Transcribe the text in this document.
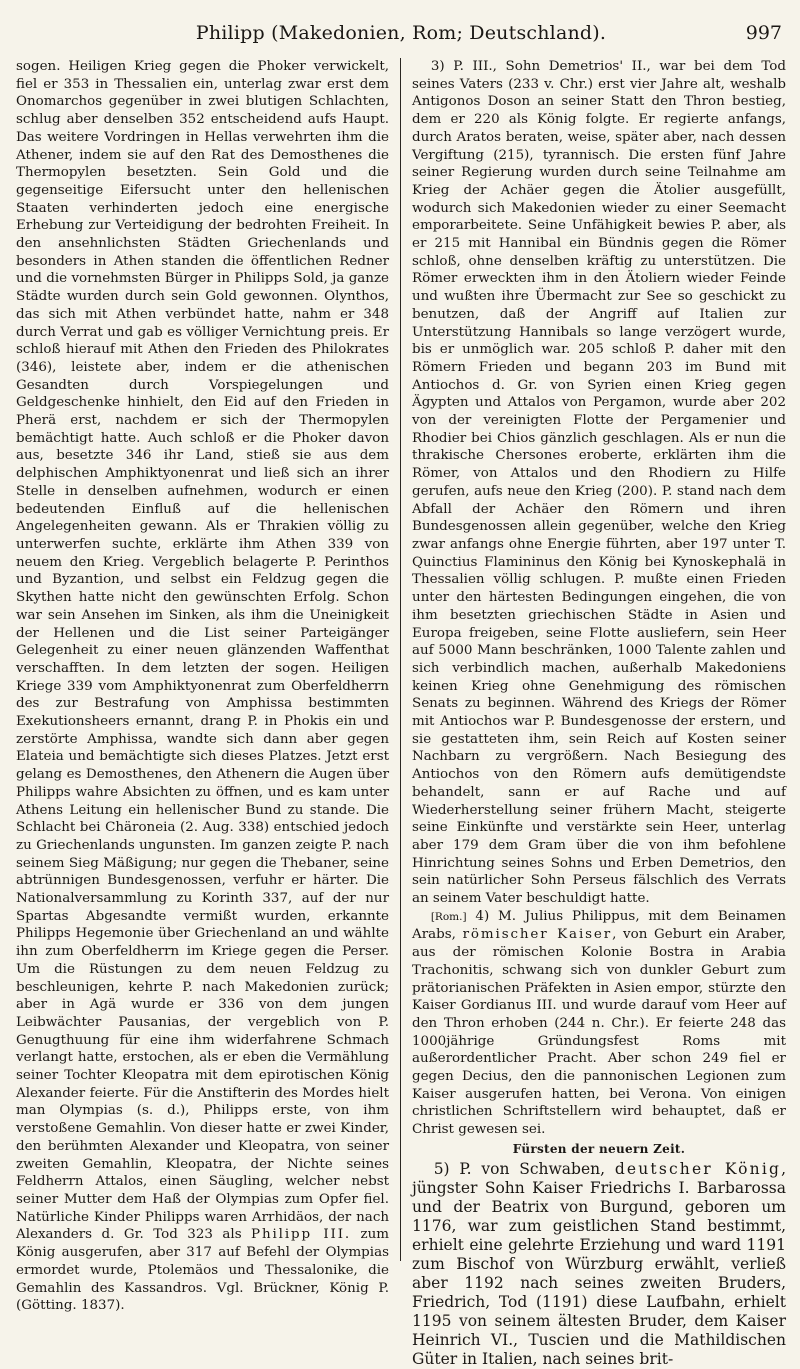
Philipp (Makedonien, Rom; Deutschland).	997

sogen. Heiligen Krieg gegen die Phoker verwickelt, fiel er 353 in Thessalien ein, unterlag zwar erst dem Onomarchos gegenüber in zwei blutigen Schlachten, schlug aber denselben 352 entscheidend aufs Haupt. Das weitere Vordringen in Hellas verwehrten ihm die Athener, indem sie auf den Rat des Demosthenes die Thermopylen besetzten. Sein Gold und die gegenseitige Eifersucht unter den hellenischen Staaten verhinderten jedoch eine energische Erhebung zur Verteidigung der bedrohten Freiheit. In den ansehnlichsten Städten Griechenlands und besonders in Athen standen die öffentlichen Redner und die vornehmsten Bürger in Philipps Sold, ja ganze Städte wurden durch sein Gold gewonnen. Olynthos, das sich mit Athen verbündet hatte, nahm er 348 durch Verrat und gab es völliger Vernichtung preis. Er schloß hierauf mit Athen den Frieden des Philokrates (346), leistete aber, indem er die athenischen Gesandten durch Vorspiegelungen und Geldgeschenke hinhielt, den Eid auf den Frieden in Pherä erst, nachdem er sich der Thermopylen bemächtigt hatte. Auch schloß er die Phoker davon aus, besetzte 346 ihr Land, stieß sie aus dem delphischen Amphiktyonenrat und ließ sich an ihrer Stelle in denselben aufnehmen, wodurch er einen bedeutenden Einfluß auf die hellenischen Angelegenheiten gewann. Als er Thrakien völlig zu unterwerfen suchte, erklärte ihm Athen 339 von neuem den Krieg. Vergeblich belagerte P. Perinthos und Byzantion, und selbst ein Feldzug gegen die Skythen hatte nicht den gewünschten Erfolg. Schon war sein Ansehen im Sinken, als ihm die Uneinigkeit der Hellenen und die List seiner Parteigänger Gelegenheit zu einer neuen glänzenden Waffenthat verschafften. In dem letzten der sogen. Heiligen Kriege 339 vom Amphiktyonenrat zum Oberfeldherrn des zur Bestrafung von Amphissa bestimmten Exekutionsheers ernannt, drang P. in Phokis ein und zerstörte Amphissa, wandte sich dann aber gegen Elateia und bemächtigte sich dieses Platzes. Jetzt erst gelang es Demosthenes, den Athenern die Augen über Philipps wahre Absichten zu öffnen, und es kam unter Athens Leitung ein hellenischer Bund zu stande. Die Schlacht bei Chäroneia (2. Aug. 338) entschied jedoch zu Griechenlands ungunsten. Im ganzen zeigte P. nach seinem Sieg Mäßigung; nur gegen die Thebaner, seine abtrünnigen Bundesgenossen, verfuhr er härter. Die Nationalversammlung zu Korinth 337, auf der nur Spartas Abgesandte vermißt wurden, erkannte Philipps Hegemonie über Griechenland an und wählte ihn zum Oberfeldherrn im Kriege gegen die Perser. Um die Rüstungen zu dem neuen Feldzug zu beschleunigen, kehrte P. nach Makedonien zurück; aber in Agä wurde er 336 von dem jungen Leibwächter Pausanias, der vergeblich von P. Genugthuung für eine ihm widerfahrene Schmach verlangt hatte, erstochen, als er eben die Vermählung seiner Tochter Kleopatra mit dem epirotischen König Alexander feierte. Für die Anstifterin des Mordes hielt man Olympias (s. d.), Philipps erste, von ihm verstoßene Gemahlin. Von dieser hatte er zwei Kinder, den berühmten Alexander und Kleopatra, von seiner zweiten Gemahlin, Kleopatra, der Nichte seines Feldherrn Attalos, einen Säugling, welcher nebst seiner Mutter dem Haß der Olympias zum Opfer fiel. Natürliche Kinder Philipps waren Arrhidäos, der nach Alexanders d. Gr. Tod 323 als Philipp III. zum König ausgerufen, aber 317 auf Befehl der Olympias ermordet wurde, Ptolemäos und Thessalonike, die Gemahlin des Kassandros. Vgl. Brückner, König P. (Götting. 1837).

3) P. III., Sohn Demetrios' II., war bei dem Tod seines Vaters (233 v. Chr.) erst vier Jahre alt, weshalb Antigonos Doson an seiner Statt den Thron bestieg, dem er 220 als König folgte. Er regierte anfangs, durch Aratos beraten, weise, später aber, nach dessen Vergiftung (215), tyrannisch. Die ersten fünf Jahre seiner Regierung wurden durch seine Teilnahme am Krieg der Achäer gegen die Ätolier ausgefüllt, wodurch sich Makedonien wieder zu einer Seemacht emporarbeitete. Seine Unfähigkeit bewies P. aber, als er 215 mit Hannibal ein Bündnis gegen die Römer schloß, ohne denselben kräftig zu unterstützen. Die Römer erweckten ihm in den Ätoliern wieder Feinde und wußten ihre Übermacht zur See so geschickt zu benutzen, daß der Angriff auf Italien zur Unterstützung Hannibals so lange verzögert wurde, bis er unmöglich war. 205 schloß P. daher mit den Römern Frieden und begann 203 im Bund mit Antiochos d. Gr. von Syrien einen Krieg gegen Ägypten und Attalos von Pergamon, wurde aber 202 von der vereinigten Flotte der Pergamenier und Rhodier bei Chios gänzlich geschlagen. Als er nun die thrakische Chersones eroberte, erklärten ihm die Römer, von Attalos und den Rhodiern zu Hilfe gerufen, aufs neue den Krieg (200). P. stand nach dem Abfall der Achäer den Römern und ihren Bundesgenossen allein gegenüber, welche den Krieg zwar anfangs ohne Energie führten, aber 197 unter T. Quinctius Flamininus den König bei Kynoskephalä in Thessalien völlig schlugen. P. mußte einen Frieden unter den härtesten Bedingungen eingehen, die von ihm besetzten griechischen Städte in Asien und Europa freigeben, seine Flotte ausliefern, sein Heer auf 5000 Mann beschränken, 1000 Talente zahlen und sich verbindlich machen, außerhalb Makedoniens keinen Krieg ohne Genehmigung des römischen Senats zu beginnen. Während des Kriegs der Römer mit Antiochos war P. Bundesgenosse der erstern, und sie gestatteten ihm, sein Reich auf Kosten seiner Nachbarn zu vergrößern. Nach Besiegung des Antiochos von den Römern aufs demütigendste behandelt, sann er auf Rache und auf Wiederherstellung seiner frühern Macht, steigerte seine Einkünfte und verstärkte sein Heer, unterlag aber 179 dem Gram über die von ihm befohlene Hinrichtung seines Sohns und Erben Demetrios, den sein natürlicher Sohn Perseus fälschlich des Verrats an seinem Vater beschuldigt hatte.

[Rom.] 4) M. Julius Philippus, mit dem Beinamen Arabs, römischer Kaiser, von Geburt ein Araber, aus der römischen Kolonie Bostra in Arabia Trachonitis, schwang sich von dunkler Geburt zum prätorianischen Präfekten in Asien empor, stürzte den Kaiser Gordianus III. und wurde darauf vom Heer auf den Thron erhoben (244 n. Chr.). Er feierte 248 das 1000jährige Gründungsfest Roms mit außerordentlicher Pracht. Aber schon 249 fiel er gegen Decius, den die pannonischen Legionen zum Kaiser ausgerufen hatten, bei Verona. Von einigen christlichen Schriftstellern wird behauptet, daß er Christ gewesen sei.

Fürsten der neuern Zeit.

5) P. von Schwaben, deutscher König, jüngster Sohn Kaiser Friedrichs I. Barbarossa und der Beatrix von Burgund, geboren um 1176, war zum geistlichen Stand bestimmt, erhielt eine gelehrte Erziehung und ward 1191 zum Bischof von Würzburg erwählt, verließ aber 1192 nach seines zweiten Bruders, Friedrich, Tod (1191) diese Laufbahn, erhielt 1195 von seinem ältesten Bruder, dem Kaiser Heinrich VI., Tuscien und die Mathildischen Güter in Italien, nach seines brit-
